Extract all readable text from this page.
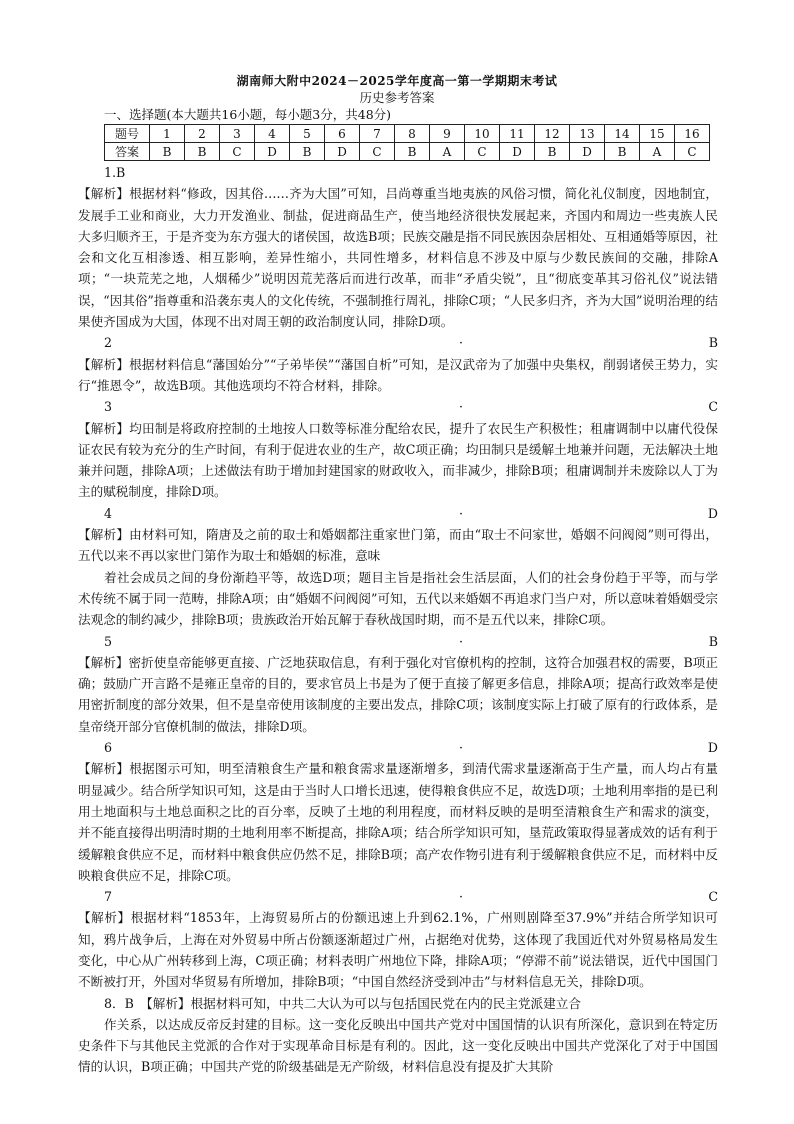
湖南师大附中2024－2025学年度高一第一学期期末考试
历史参考答案
一、选择题(本大题共16小题，每小题3分，共48分)
题号	1	2	3	4	5	6	7	8	9	10	11	12	13	14	15	16
答案	B	B	C	D	B	D	C	B	A	C	D	B	D	B	A	C

1.B

【解析】根据材料“修政，因其俗……齐为大国”可知，吕尚尊重当地夷族的风俗习惯，简化礼仪制度，因地制宜，发展手工业和商业，大力开发渔业、制盐，促进商品生产，使当地经济很快发展起来，齐国内和周边一些夷族人民大多归顺齐王，于是齐变为东方强大的诸侯国，故选B项；民族交融是指不同民族因杂居相处、互相通婚等原因，社会和文化互相渗透、相互影响，差异性缩小，共同性增多，材料信息不涉及中原与少数民族间的交融，排除A项；“一块荒芜之地，人烟稀少”说明因荒芜落后而进行改革，而非“矛盾尖锐”，且“彻底变革其习俗礼仪”说法错误，“因其俗”指尊重和沿袭东夷人的文化传统，不强制推行周礼，排除C项；“人民多归齐，齐为大国”说明治理的结果使齐国成为大国，体现不出对周王朝的政治制度认同，排除D项。

2	·	B

【解析】根据材料信息“藩国始分”“子弟毕侯”“藩国自析”可知，是汉武帝为了加强中央集权，削弱诸侯王势力，实行“推恩令”，故选B项。其他选项均不符合材料，排除。

3	·	C

【解析】均田制是将政府控制的土地按人口数等标准分配给农民，提升了农民生产积极性；租庸调制中以庸代役保证农民有较为充分的生产时间，有利于促进农业的生产，故C项正确；均田制只是缓解土地兼并问题，无法解决土地兼并问题，排除A项；上述做法有助于增加封建国家的财政收入，而非减少，排除B项；租庸调制并未废除以人丁为主的赋税制度，排除D项。

4	·	D

【解析】由材料可知，隋唐及之前的取士和婚姻都注重家世门第，而由“取士不问家世，婚姻不问阀阅”则可得出，五代以来不再以家世门第作为取士和婚姻的标准，意味

着社会成员之间的身份渐趋平等，故选D项；题目主旨是指社会生活层面，人们的社会身份趋于平等，而与学术传统不属于同一范畴，排除A项；由“婚姻不问阀阅”可知，五代以来婚姻不再追求门当户对，所以意味着婚姻受宗法观念的制约减少，排除B项；贵族政治开始瓦解于春秋战国时期，而不是五代以来，排除C项。

5	·	B

【解析】密折使皇帝能够更直接、广泛地获取信息，有利于强化对官僚机构的控制，这符合加强君权的需要，B项正确；鼓励广开言路不是雍正皇帝的目的，要求官员上书是为了便于直接了解更多信息，排除A项；提高行政效率是使用密折制度的部分效果，但不是皇帝使用该制度的主要出发点，排除C项；该制度实际上打破了原有的行政体系，是皇帝绕开部分官僚机制的做法，排除D项。

6	·	D

【解析】根据图示可知，明至清粮食生产量和粮食需求量逐渐增多，到清代需求量逐渐高于生产量，而人均占有量明显减少。结合所学知识可知，这是由于当时人口增长迅速，使得粮食供应不足，故选D项；土地利用率指的是已利用土地面积与土地总面积之比的百分率，反映了土地的利用程度，而材料反映的是明至清粮食生产和需求的演变，并不能直接得出明清时期的土地利用率不断提高，排除A项；结合所学知识可知，垦荒政策取得显著成效的话有利于缓解粮食供应不足，而材料中粮食供应仍然不足，排除B项；高产农作物引进有利于缓解粮食供应不足，而材料中反映粮食供应不足，排除C项。

7	·	C

【解析】根据材料“1853年，上海贸易所占的份额迅速上升到62.1%，广州则剧降至37.9%”并结合所学知识可知，鸦片战争后，上海在对外贸易中所占份额逐渐超过广州，占据绝对优势，这体现了我国近代对外贸易格局发生变化，中心从广州转移到上海，C项正确；材料表明广州地位下降，排除A项；“停滞不前”说法错误，近代中国国门不断被打开，外国对华贸易有所增加，排除B项；“中国自然经济受到冲击”与材料信息无关，排除D项。

8．B　【解析】根据材料可知，中共二大认为可以与包括国民党在内的民主党派建立合

作关系，以达成反帝反封建的目标。这一变化反映出中国共产党对中国国情的认识有所深化，意识到在特定历史条件下与其他民主党派的合作对于实现革命目标是有利的。因此，这一变化反映出中国共产党深化了对于中国国情的认识，B项正确；中国共产党的阶级基础是无产阶级，材料信息没有提及扩大其阶
